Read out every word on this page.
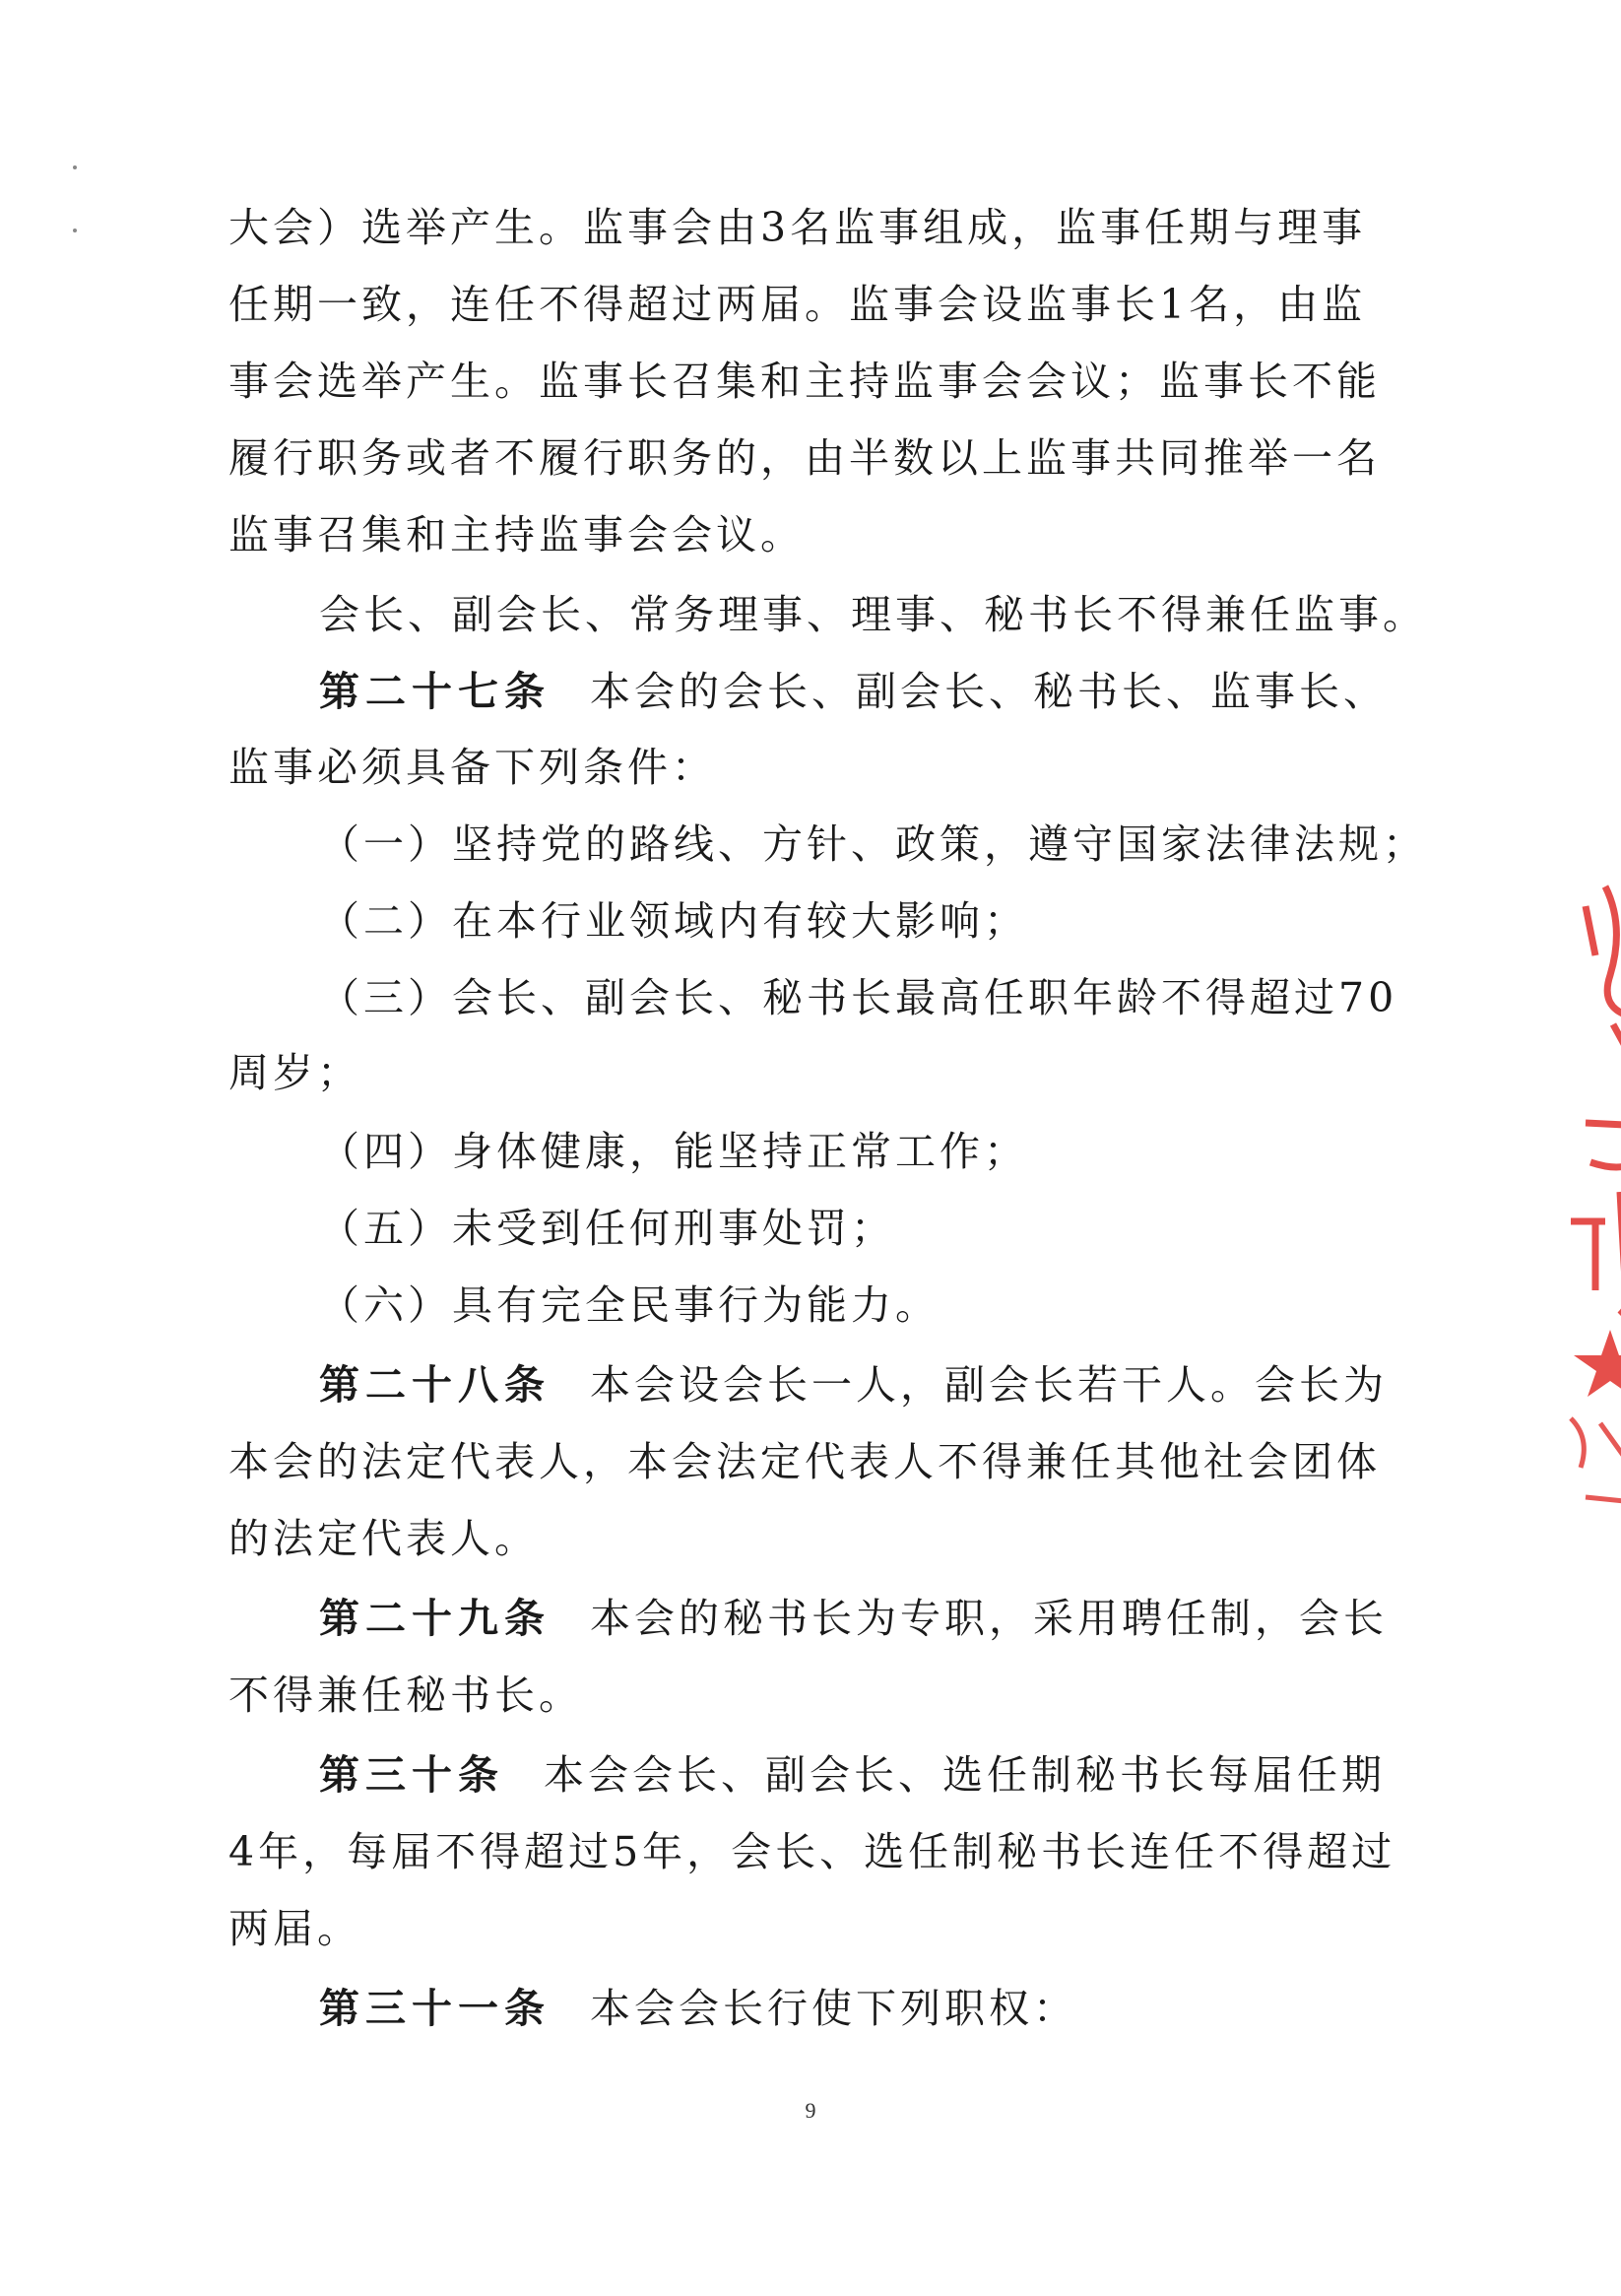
大会）选举产生。监事会由3名监事组成，监事任期与理事
任期一致，连任不得超过两届。监事会设监事长1名，由监
事会选举产生。监事长召集和主持监事会会议；监事长不能
履行职务或者不履行职务的，由半数以上监事共同推举一名
监事召集和主持监事会会议。
会长、副会长、常务理事、理事、秘书长不得兼任监事。
第二十七条 本会的会长、副会长、秘书长、监事长、
监事必须具备下列条件：
（一）坚持党的路线、方针、政策，遵守国家法律法规；
（二）在本行业领域内有较大影响；
（三）会长、副会长、秘书长最高任职年龄不得超过70
周岁；
（四）身体健康，能坚持正常工作；
（五）未受到任何刑事处罚；
（六）具有完全民事行为能力。
第二十八条 本会设会长一人，副会长若干人。会长为
本会的法定代表人，本会法定代表人不得兼任其他社会团体
的法定代表人。
第二十九条 本会的秘书长为专职，采用聘任制，会长
不得兼任秘书长。
第三十条 本会会长、副会长、选任制秘书长每届任期
4年，每届不得超过5年，会长、选任制秘书长连任不得超过
两届。
第三十一条 本会会长行使下列职权：
9
